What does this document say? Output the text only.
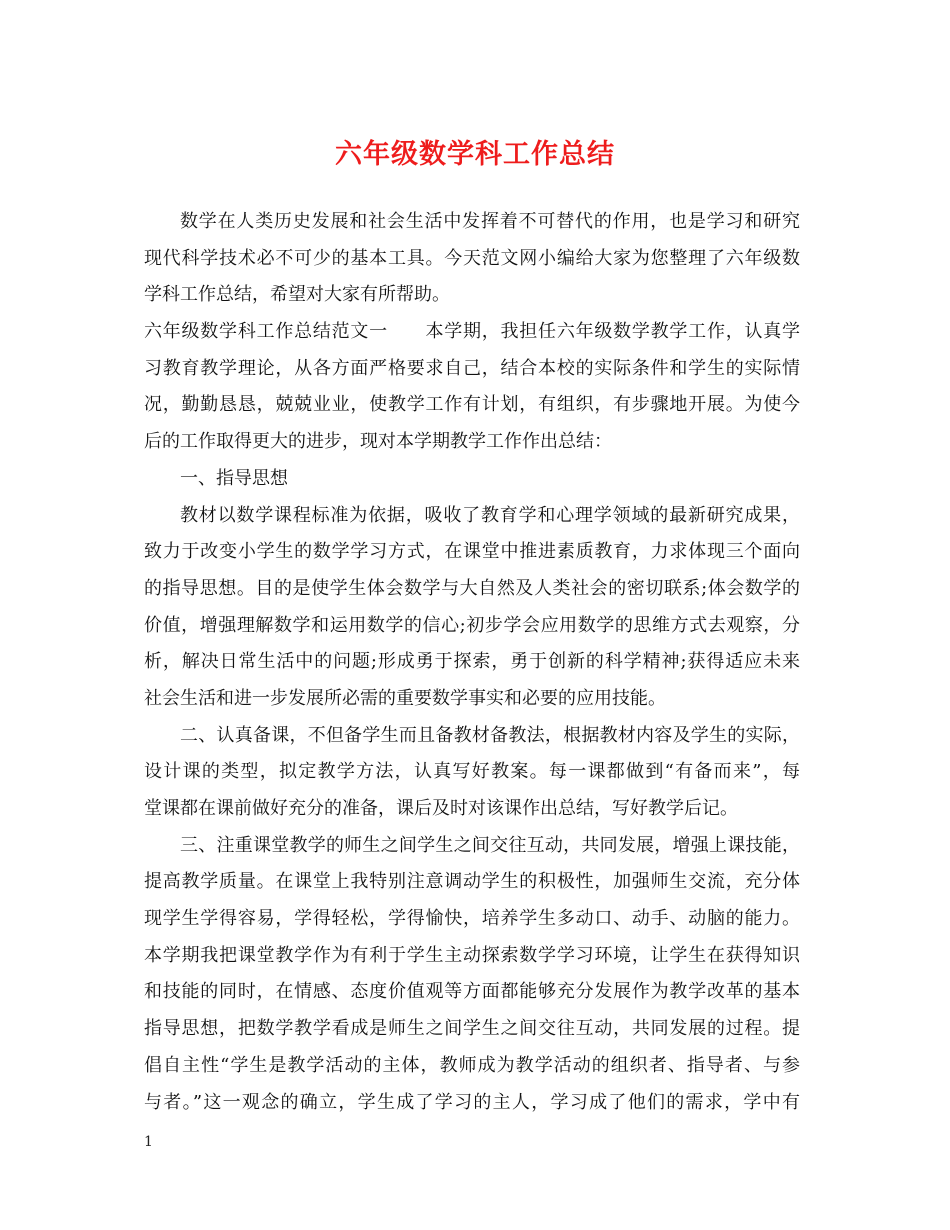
六年级数学科工作总结
数学在人类历史发展和社会生活中发挥着不可替代的作用，也是学习和研究
现代科学技术必不可少的基本工具。今天范文网小编给大家为您整理了六年级数
学科工作总结，希望对大家有所帮助。
六年级数学科工作总结范文一　　本学期，我担任六年级数学教学工作，认真学
习教育教学理论，从各方面严格要求自己，结合本校的实际条件和学生的实际情
况，勤勤恳恳，兢兢业业，使教学工作有计划，有组织，有步骤地开展。为使今
后的工作取得更大的进步，现对本学期教学工作作出总结：
一、指导思想
教材以数学课程标准为依据，吸收了教育学和心理学领域的最新研究成果，
致力于改变小学生的数学学习方式，在课堂中推进素质教育，力求体现三个面向
的指导思想。目的是使学生体会数学与大自然及人类社会的密切联系;体会数学的
价值，增强理解数学和运用数学的信心;初步学会应用数学的思维方式去观察，分
析，解决日常生活中的问题;形成勇于探索，勇于创新的科学精神;获得适应未来
社会生活和进一步发展所必需的重要数学事实和必要的应用技能。
二、认真备课，不但备学生而且备教材备教法，根据教材内容及学生的实际，
设计课的类型，拟定教学方法，认真写好教案。每一课都做到“有备而来”，每
堂课都在课前做好充分的准备，课后及时对该课作出总结，写好教学后记。
三、注重课堂教学的师生之间学生之间交往互动，共同发展，增强上课技能，
提高教学质量。在课堂上我特别注意调动学生的积极性，加强师生交流，充分体
现学生学得容易，学得轻松，学得愉快，培养学生多动口、动手、动脑的能力。
本学期我把课堂教学作为有利于学生主动探索数学学习环境，让学生在获得知识
和技能的同时，在情感、态度价值观等方面都能够充分发展作为教学改革的基本
指导思想，把数学教学看成是师生之间学生之间交往互动，共同发展的过程。提
倡自主性“学生是教学活动的主体，教师成为教学活动的组织者、指导者、与参
与者。”这一观念的确立，学生成了学习的主人，学习成了他们的需求，学中有
1
